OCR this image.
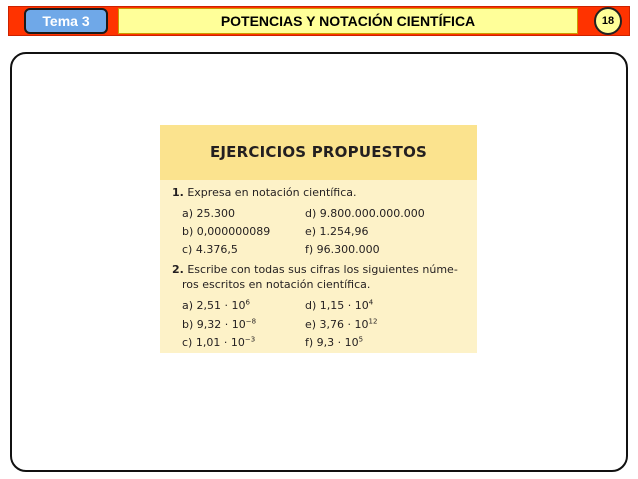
Tema 3	POTENCIAS Y NOTACIÓN CIENTÍFICA	18
EJERCICIOS PROPUESTOS
1. Expresa en notación científica.
a) 25.300	d) 9.800.000.000.000
b) 0,000000089	e) 1.254,96
c) 4.376,5	f) 96.300.000
2. Escribe con todas sus cifras los siguientes núme-
ros escritos en notación científica.
a) $2,51 \cdot 10^6$	d) $1,15 \cdot 10^4$
b) $9,32 \cdot 10^{-8}$	e) $3,76 \cdot 10^{12}$
c) $1,01 \cdot 10^{-3}$	f) $9,3 \cdot 10^5$
